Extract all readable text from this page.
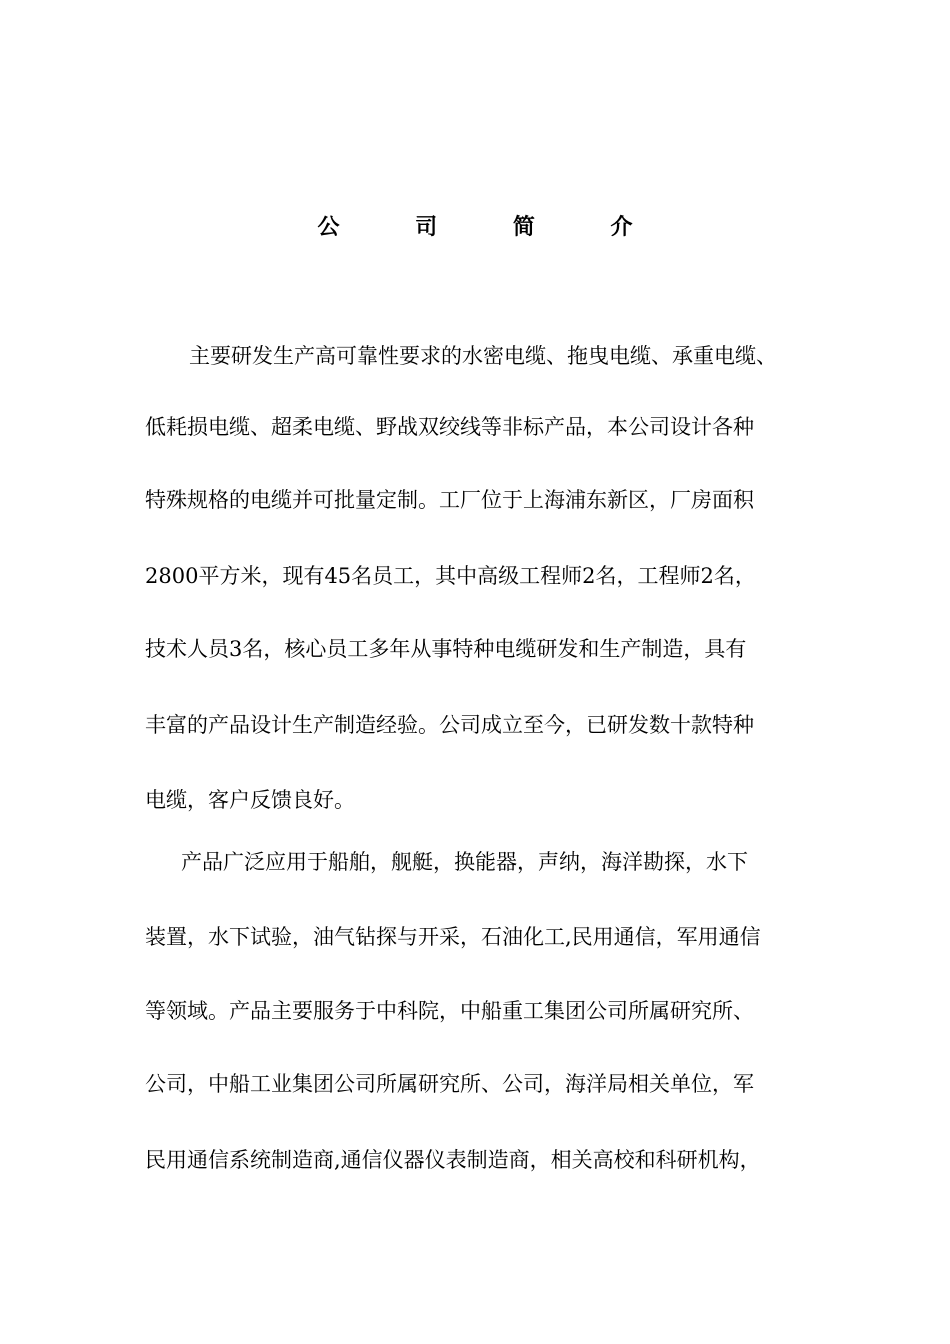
公 司 简 介
主要研发生产高可靠性要求的水密电缆、拖曳电缆、承重电缆、
低耗损电缆、超柔电缆、野战双绞线等非标产品，本公司设计各种
特殊规格的电缆并可批量定制。工厂位于上海浦东新区，厂房面积
2800平方米，现有45名员工，其中高级工程师2名，工程师2名，
技术人员3名，核心员工多年从事特种电缆研发和生产制造，具有
丰富的产品设计生产制造经验。公司成立至今，已研发数十款特种
电缆，客户反馈良好。
产品广泛应用于船舶，舰艇，换能器，声纳，海洋勘探，水下
装置，水下试验，油气钻探与开采，石油化工,民用通信，军用通信
等领域。产品主要服务于中科院，中船重工集团公司所属研究所、
公司，中船工业集团公司所属研究所、公司，海洋局相关单位，军
民用通信系统制造商,通信仪器仪表制造商，相关高校和科研机构，
